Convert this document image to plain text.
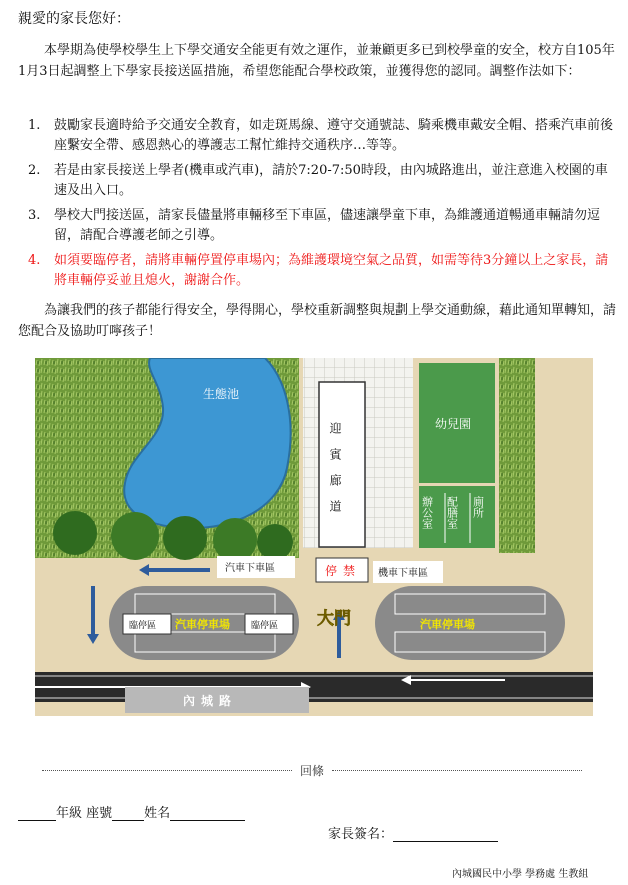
親愛的家長您好：

本學期為使學校學生上下學交通安全能更有效之運作，並兼顧更多已到校學童的安全，校方自105年1月3日起調整上下學家長接送區措施，希望您能配合學校政策，並獲得您的認同。調整作法如下：

1. 鼓勵家長適時給予交通安全教育，如走斑馬線、遵守交通號誌、騎乘機車戴安全帽、搭乘汽車前後座繫安全帶、感恩熱心的導護志工幫忙維持交通秩序…等等。
2. 若是由家長接送上學者(機車或汽車)，請於7:20-7:50時段，由內城路進出，並注意進入校園的車速及出入口。
3. 學校大門接送區，請家長儘量將車輛移至下車區，儘速讓學童下車，為維護通道暢通車輛請勿逗留，請配合導護老師之引導。
4. 如須要臨停者，請將車輛停置停車場內；為維護環境空氣之品質，如需等待3分鐘以上之家長，請將車輛停妥並且熄火，謝謝合作。

為讓我們的孩子都能行得安全，學得開心，學校重新調整與規劃上學交通動線，藉此通知單轉知，請您配合及協助叮嚀孩子！

生態池
迎賓廊道	幼兒園
辦公室 配膳室 廁所
汽車下車區	停禁 機車下車區
大門
汽車停車場	汽車停車場
臨停區	臨停區
內城路
回條
年級 座號 姓名
家長簽名：
內城國民中小學 學務處 生教組
